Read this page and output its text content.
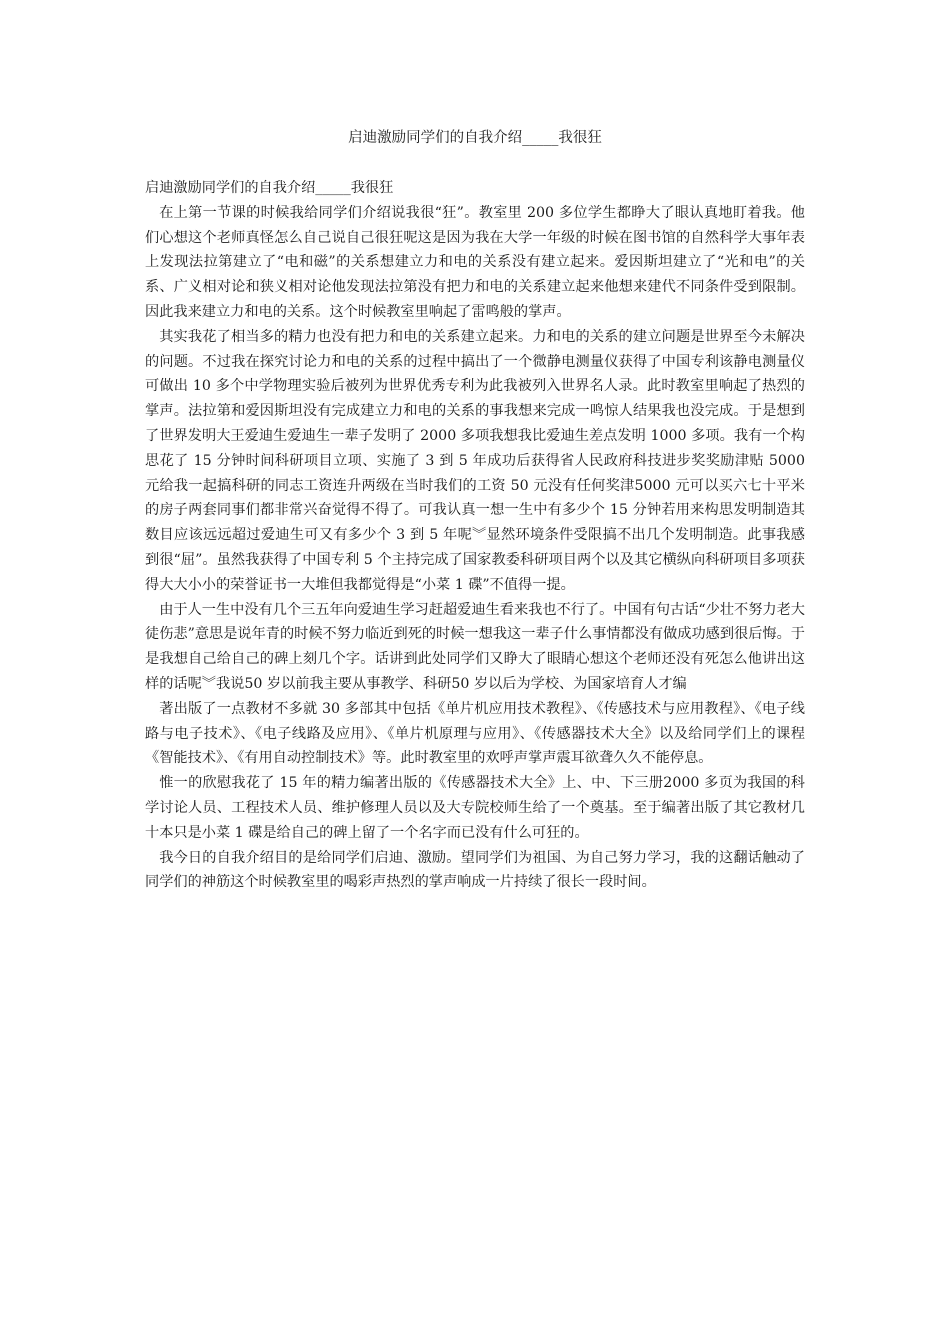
启迪激励同学们的自我介绍_____我很狂

启迪激励同学们的自我介绍_____我很狂

在上第一节课的时候我给同学们介绍说我很“狂”。教室里 200 多位学生都睁大了眼认真地盯着我。他们心想这个老师真怪怎么自己说自己很狂呢这是因为我在大学一年级的时候在图书馆的自然科学大事年表上发现法拉第建立了“电和磁”的关系想建立力和电的关系没有建立起来。爱因斯坦建立了“光和电”的关系、广义相对论和狭义相对论他发现法拉第没有把力和电的关系建立起来他想来建代不同条件受到限制。因此我来建立力和电的关系。这个时候教室里响起了雷鸣般的掌声。

其实我花了相当多的精力也没有把力和电的关系建立起来。力和电的关系的建立问题是世界至今未解决的问题。不过我在探究讨论力和电的关系的过程中搞出了一个微静电测量仪获得了中国专利该静电测量仪可做出 10 多个中学物理实验后被列为世界优秀专利为此我被列入世界名人录。此时教室里响起了热烈的掌声。法拉第和爱因斯坦没有完成建立力和电的关系的事我想来完成一鸣惊人结果我也没完成。于是想到了世界发明大王爱迪生爱迪生一辈子发明了 2000 多项我想我比爱迪生差点发明 1000 多项。我有一个构思花了 15 分钟时间科研项目立项、实施了 3 到 5 年成功后获得省人民政府科技进步奖奖励津贴 5000 元给我一起搞科研的同志工资连升两级在当时我们的工资 50 元没有任何奖津5000 元可以买六七十平米的房子两套同事们都非常兴奋觉得不得了。可我认真一想一生中有多少个 15 分钟若用来构思发明制造其数目应该远远超过爱迪生可又有多少个 3 到 5 年呢︾显然环境条件受限搞不出几个发明制造。此事我感到很“屈”。虽然我获得了中国专利 5 个主持完成了国家教委科研项目两个以及其它横纵向科研项目多项获得大大小小的荣誉证书一大堆但我都觉得是“小菜 1 碟”不值得一提。

由于人一生中没有几个三五年向爱迪生学习赶超爱迪生看来我也不行了。中国有句古话“少壮不努力老大徒伤悲”意思是说年青的时候不努力临近到死的时候一想我这一辈子什么事情都没有做成功感到很后悔。于是我想自己给自己的碑上刻几个字。话讲到此处同学们又睁大了眼睛心想这个老师还没有死怎么他讲出这样的话呢︾我说50 岁以前我主要从事教学、科研50 岁以后为学校、为国家培育人才编

著出版了一点教材不多就 30 多部其中包括《单片机应用技术教程》、《传感技术与应用教程》、《电子线路与电子技术》、《电子线路及应用》、《单片机原理与应用》、《传感器技术大全》以及给同学们上的课程《智能技术》、《有用自动控制技术》等。此时教室里的欢呼声掌声震耳欲聋久久不能停息。

惟一的欣慰我花了 15 年的精力编著出版的《传感器技术大全》上、中、下三册2000 多页为我国的科学讨论人员、工程技术人员、维护修理人员以及大专院校师生给了一个奠基。至于编著出版了其它教材几十本只是小菜 1 碟是给自己的碑上留了一个名字而已没有什么可狂的。

我今日的自我介绍目的是给同学们启迪、激励。望同学们为祖国、为自己努力学习，我的这翻话触动了同学们的神筋这个时候教室里的喝彩声热烈的掌声响成一片持续了很长一段时间。
